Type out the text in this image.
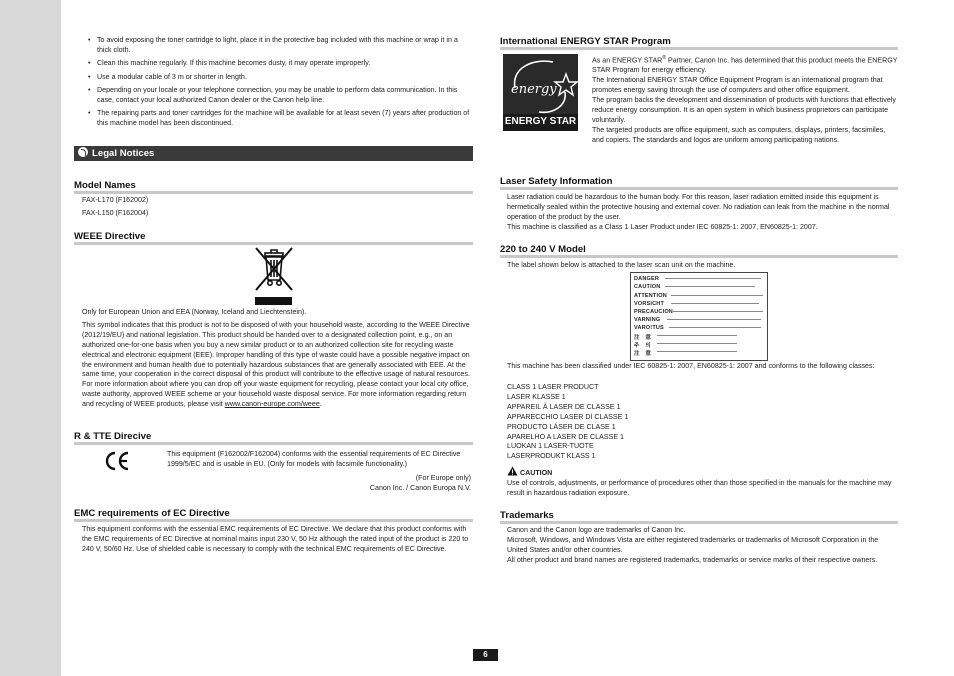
• To avoid exposing the toner cartridge to light, place it in the protective bag included with this machine or wrap it in a thick cloth.
• Clean this machine regularly. If this machine becomes dusty, it may operate improperly.
• Use a modular cable of 3 m or shorter in length.
• Depending on your locale or your telephone connection, you may be unable to perform data communication. In this case, contact your local authorized Canon dealer or the Canon help line.
• The repairing parts and toner cartridges for the machine will be available for at least seven (7) years after production of this machine model has been discontinued.
Legal Notices
Model Names
FAX-L170 (F162002)
FAX-L150 (F162004)
WEEE Directive
Only for European Union and EEA (Norway, Iceland and Liechtenstein).
This symbol indicates that this product is not to be disposed of with your household waste, according to the WEEE Directive (2012/19/EU) and national legislation. This product should be handed over to a designated collection point, e.g., on an authorized one-for-one basis when you buy a new similar product or to an authorized collection site for recycling waste electrical and electronic equipment (EEE). Improper handling of this type of waste could have a possible negative impact on the environment and human health due to potentially hazardous substances that are generally associated with EEE. At the same time, your cooperation in the correct disposal of this product will contribute to the effective usage of natural resources. For more information about where you can drop off your waste equipment for recycling, please contact your local city office, waste authority, approved WEEE scheme or your household waste disposal service. For more information regarding return and recycling of WEEE products, please visit www.canon-europe.com/weee.
R & TTE Direcive
This equipment (F162002/F162004) conforms with the essential requirements of EC Directive 1999/5/EC and is usable in EU. (Only for models with facsimile functionality.)
(For Europe only)
Canon Inc. / Canon Europa N.V.
EMC requirements of EC Directive
This equipment conforms with the essential EMC requirements of EC Directive. We declare that this product conforms with the EMC requirements of EC Directive at nominal mains input 230 V, 50 Hz although the rated input of the product is 220 to 240 V, 50/60 Hz. Use of shielded cable is necessary to comply with the technical EMC requirements of EC Directive.
International ENERGY STAR Program
energy
ENERGY STAR
As an ENERGY STAR® Partner, Canon Inc. has determined that this product meets the ENERGY STAR Program for energy efficiency.
The International ENERGY STAR Office Equipment Program is an international program that promotes energy saving through the use of computers and other office equipment.
The program backs the development and dissemination of products with functions that effectively reduce energy consumption. It is an open system in which business proprietors can participate voluntarily.
The targeted products are office equipment, such as computers, displays, printers, facsimiles, and copiers. The standards and logos are uniform among participating nations.
Laser Safety Information
Laser radiation could be hazardous to the human body. For this reason, laser radiation emitted inside this equipment is hermetically sealed within the protective housing and external cover. No radiation can leak from the machine in the normal operation of the product by the user.
This machine is classified as a Class 1 Laser Product under IEC 60825-1: 2007, EN60825-1: 2007.
220 to 240 V Model
The label shown below is attached to the laser scan unit on the machine.
DANGER
CAUTION
ATTENTION
VORSICHT
PRECAUCION
VARNING
VARO!TUS
注　意
주　의
注　意
This machine has been classified under IEC 60825-1: 2007, EN60825-1: 2007 and conforms to the following classes:
CLASS 1 LASER PRODUCT
LASER KLASSE 1
APPAREIL À LASER DE CLASSE 1
APPARECCHIO LASER DI CLASSE 1
PRODUCTO LÁSER DE CLASE 1
APARELHO A LASER DE CLASSE 1
LUOKAN 1 LASER-TUOTE
LASERPRODUKT KLASS 1
CAUTION
Use of controls, adjustments, or performance of procedures other than those specified in the manuals for the machine may result in hazardous radiation exposure.
Trademarks
Canon and the Canon logo are trademarks of Canon Inc.
Microsoft, Windows, and Windows Vista are either registered trademarks or trademarks of Microsoft Corporation in the United States and/or other countries.
All other product and brand names are registered trademarks, trademarks or service marks of their respective owners.
6
